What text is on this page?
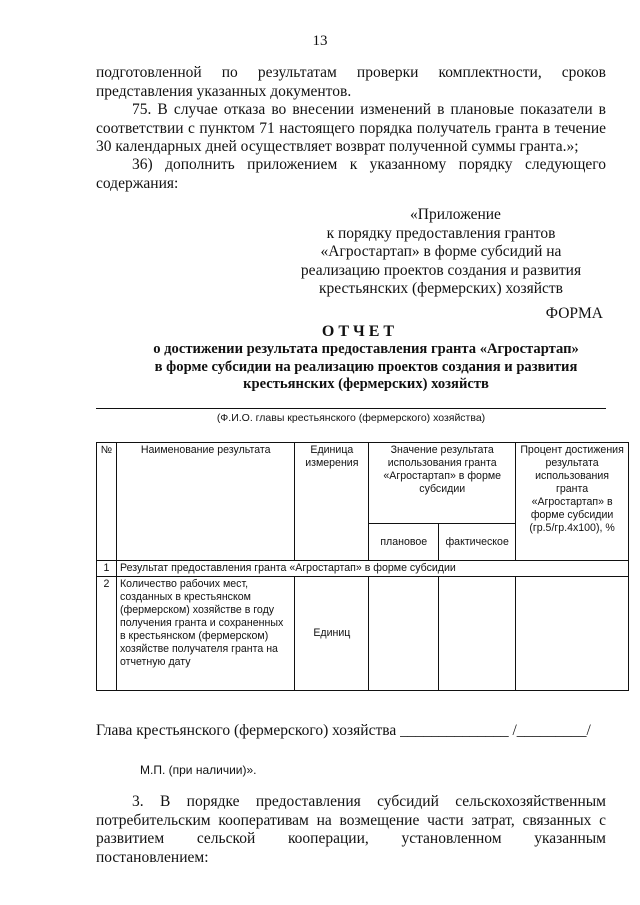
13
подготовленной по результатам проверки комплектности, сроков представления указанных документов.
75. В случае отказа во внесении изменений в плановые показатели в соответствии с пунктом 71 настоящего порядка получатель гранта в течение 30 календарных дней осуществляет возврат полученной суммы гранта.»;
36) дополнить приложением к указанному порядку следующего содержания:
«Приложение
к порядку предоставления грантов
«Агростартап» в форме субсидий на
реализацию проектов создания и развития
крестьянских (фермерских) хозяйств
ФОРМА
ОТЧЕТ
о достижении результата предоставления гранта «Агростартап»
в форме субсидии на реализацию проектов создания и развития
крестьянских (фермерских) хозяйств
(Ф.И.О. главы крестьянского (фермерского) хозяйства)
№	Наименование результата	Единица измерения	Значение результата использования гранта «Агростартап» в форме субсидии		Процент достижения результата использования гранта «Агростартап» в форме субсидии (гр.5/гр.4х100), %
			плановое	фактическое	
1	Результат предоставления гранта «Агростартап» в форме субсидии				
2	Количество рабочих мест, созданных в крестьянском (фермерском) хозяйстве в году получения гранта и сохраненных в крестьянском (фермерском) хозяйстве получателя гранта на отчетную дату	Единиц			
Глава крестьянского (фермерского) хозяйства ______________ /_________/
М.П. (при наличии)».
3. В порядке предоставления субсидий сельскохозяйственным потребительским кооперативам на возмещение части затрат, связанных с развитием сельской кооперации, установленном указанным постановлением:
